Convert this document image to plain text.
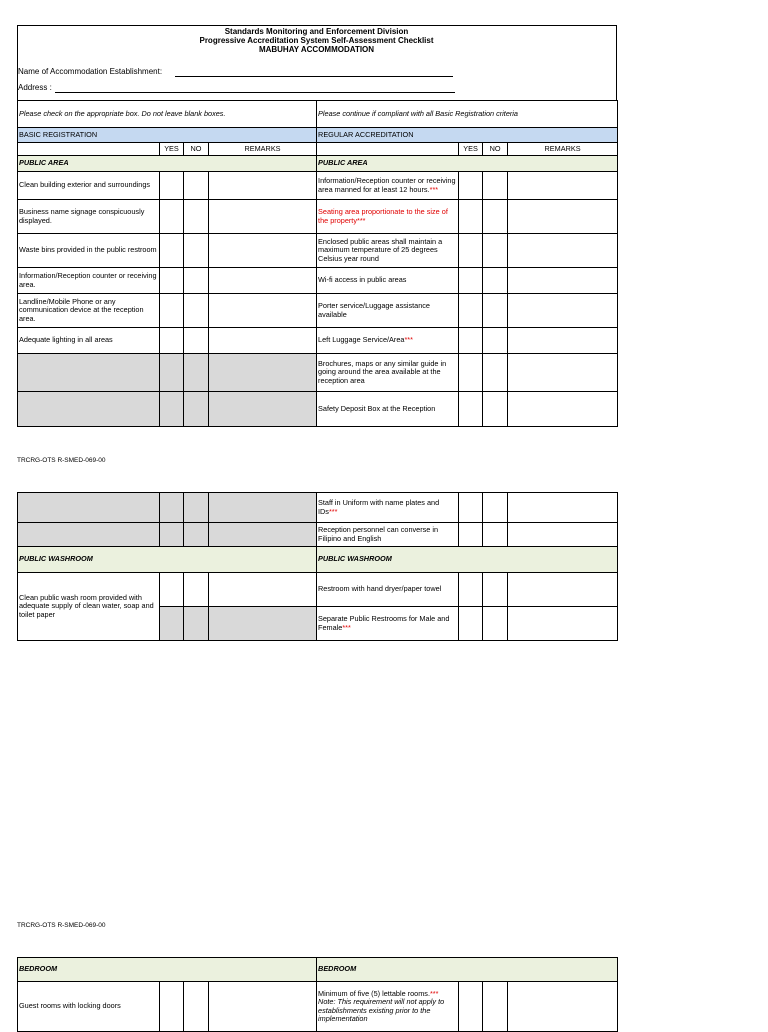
Standards Monitoring and Enforcement Division
Progressive Accreditation System Self-Assessment Checklist
MABUHAY ACCOMMODATION
Name of Accommodation Establishment:
Address :
Please check on the appropriate box. Do not leave blank boxes.				Please continue if compliant with all Basic Registration criteria			
BASIC REGISTRATION				REGULAR ACCREDITATION			
	YES	NO	REMARKS		YES	NO	REMARKS
PUBLIC AREA				PUBLIC AREA			
Clean building exterior and surroundings				Information/Reception counter or receiving area manned for at least 12 hours.***			
Business name signage conspicuously displayed.				Seating area proportionate to the size of the property***			
Waste bins provided in the public restroom				Enclosed public areas shall maintain a maximum temperature of 25 degrees Celsius year round			
Information/Reception counter or receiving area.				Wi-fi access in public areas			
Landline/Mobile Phone or any communication device at the reception area.				Porter service/Luggage assistance available			
Adequate lighting in all areas				Left Luggage Service/Area***			
				Brochures, maps or any similar guide in going around the area available at the reception area			
				Safety Deposit Box at the Reception			
TRCRG-OTS R-SMED-069-00
				Staff in Uniform with name plates and IDs***			
				Reception personnel can converse in Filipino and English			
PUBLIC WASHROOM				PUBLIC WASHROOM			
Clean public wash room provided with adequate supply of clean water, soap and toilet paper				Restroom with hand dryer/paper towel			
				Separate Public Restrooms for Male and Female***			
TRCRG-OTS R-SMED-069-00
BEDROOM				BEDROOM			
Guest rooms with locking doors				Minimum of five (5) lettable rooms.*** Note: This requirement will not apply to establishments existing prior to the implementation			
